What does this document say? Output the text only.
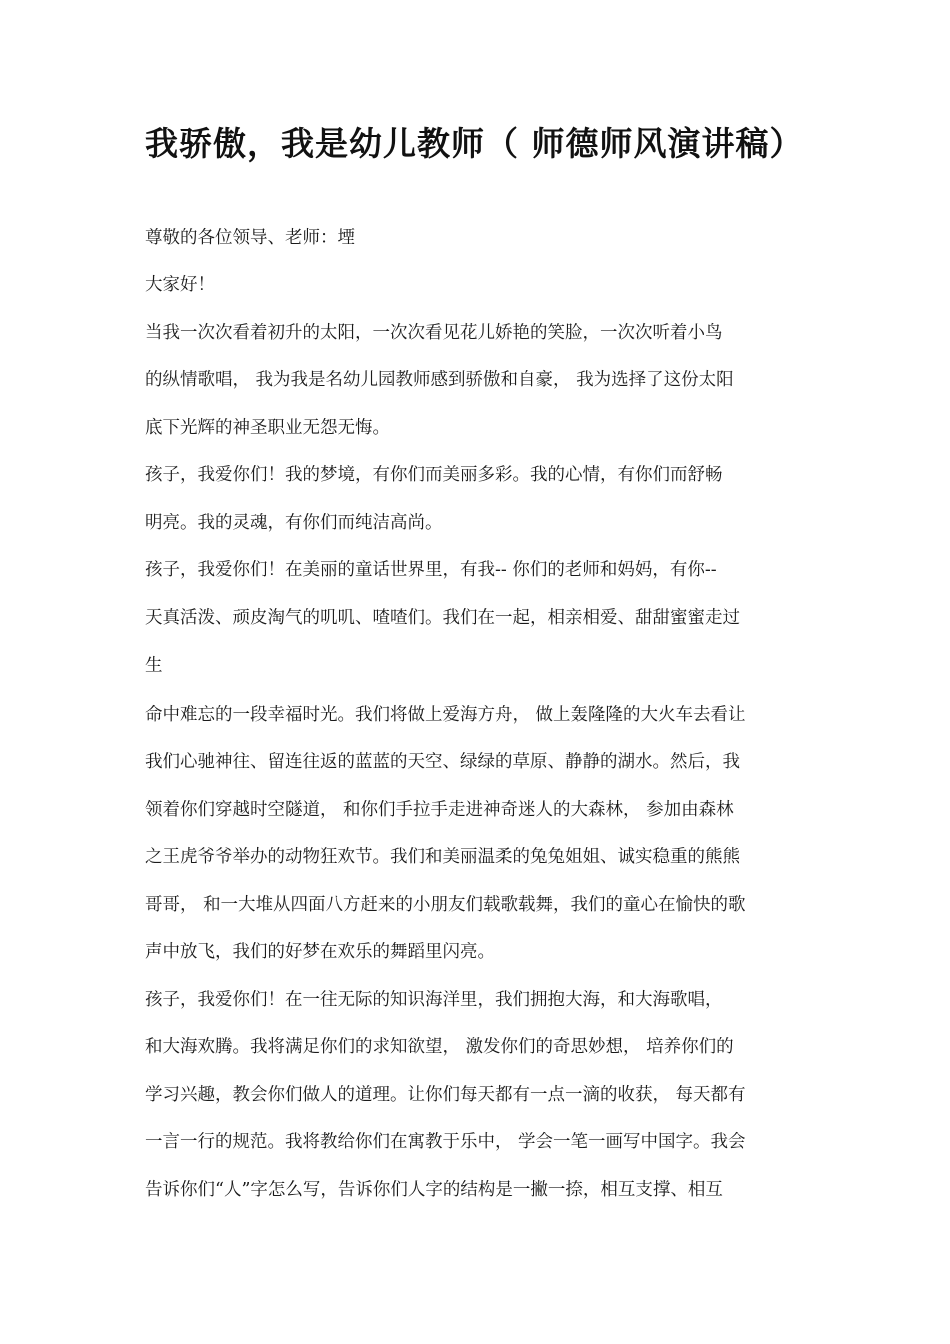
我骄傲，我是幼儿教师（ 师德师风演讲稿）
尊敬的各位领导、老师：堙
大家好！
当我一次次看着初升的太阳，一次次看见花儿娇艳的笑脸，一次次听着小鸟
的纵情歌唱， 我为我是名幼儿园教师感到骄傲和自豪， 我为选择了这份太阳
底下光辉的神圣职业无怨无悔。
孩子，我爱你们！我的梦境，有你们而美丽多彩。我的心情，有你们而舒畅
明亮。我的灵魂，有你们而纯洁高尚。
孩子，我爱你们！在美丽的童话世界里，有我-- 你们的老师和妈妈，有你--
天真活泼、顽皮淘气的叽叽、喳喳们。我们在一起，相亲相爱、甜甜蜜蜜走过
生
命中难忘的一段幸福时光。我们将做上爱海方舟， 做上轰隆隆的大火车去看让
我们心驰神往、留连往返的蓝蓝的天空、绿绿的草原、静静的湖水。然后，我
领着你们穿越时空隧道， 和你们手拉手走进神奇迷人的大森林， 参加由森林
之王虎爷爷举办的动物狂欢节。我们和美丽温柔的兔兔姐姐、诚实稳重的熊熊
哥哥， 和一大堆从四面八方赶来的小朋友们载歌载舞，我们的童心在愉快的歌
声中放飞，我们的好梦在欢乐的舞蹈里闪亮。
孩子，我爱你们！在一往无际的知识海洋里，我们拥抱大海，和大海歌唱，
和大海欢腾。我将满足你们的求知欲望， 激发你们的奇思妙想， 培养你们的
学习兴趣，教会你们做人的道理。让你们每天都有一点一滴的收获， 每天都有
一言一行的规范。我将教给你们在寓教于乐中， 学会一笔一画写中国字。我会
告诉你们“人”字怎么写，告诉你们人字的结构是一撇一捺，相互支撑、相互
